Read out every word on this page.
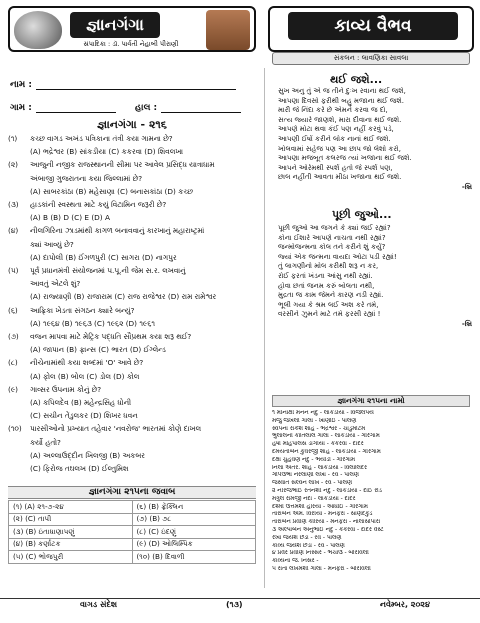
જ્ઞાનગંગા
સંપાદિકા : ડૉ. પાર્વતી નેહાબી પીરાણી
કાવ્ય વૈભવ
સંકલન : લાવણિકા સાવલા
નામ :
ગામ :	હાલ :
જ્ઞાનગંગા - ૨૧૬
(૧)	કચ્છ વાગડ અખંડ પત્રિકાના તંત્રી કયા ગામના છે?
(A) ભદ્રેશ્વર (B) સાંકડીયા (C) કકરવા (D) શિવલખા
(૨)	આજુની નજીક રાજસ્થાનની સીમા પર આવેલ પ્રસિદ્ધ યાત્રાધામ
અંબાજી ગુજરાતના કયા જિલ્લામાં છે?
(A) સાબરકાંઠા (B) મહેસાણા (C) બનાસકાંઠા (D) કચ્છ
(૩)	હાડકાંની સ્વસ્થતા માટે કયું વિટામિન જરૂરી છે?
(A) B (B) D (C) E (D) A
(૪)	નીલગિરિના ઝાડમાંથી કાગળ બનાવવાનું કારખાનું મહારાષ્ટ્રમાં
ક્યાં આવ્યું છે?
(A) દાપોલી (B) ઈંગળપુરી (C) સાગરા (D) નાગપુર
(૫)	પૂર્વ પ્રધાનમંત્રી સંયોજનમાં પ.પૂ.ની જેમ સ.ર. લખવાનું
આવતું એટલે શું?
(A) રાજ્યાણી (B) રાજારામ (C) રાજ રાજેશ્વર (D) રામ રામેશ્વર
(૬)	આફ્રિકા ખેડતા સંગઠન ક્યારે બન્યું?
(A) ૧૯૬૪ (B) ૧૯૬૩ (C) ૧૯૬૨ (D) ૧૯૬૧
(૭)	વજન માપવા માટે મેટ્રિક પદ્ધતિ સૌપ્રથમ કયા શરૂ થઈ?
(A) જાપાન (B) ફ્રાન્સ (C) ભારત (D) ઈગ્લેન્ડ
(૮)	નીચેનામાંથી કયા શબ્દમાં 'O' આવે છે?
(A) ફોલ (B) બોલ (C) ડોલ (D) કોલ
(૯)	ગાવ્સર ઉપનામ કોનું છે?
(A) કપિલદેવ (B) મહેન્દ્રસિંહ ધોની
(C) સચીન તેંડુલકર (D) શિખર ધવન
(૧૦)	પારસીઓનો પ્રખ્યાત તહેવાર 'નવરોજ' ભારતમાં કોણે દાખલ
કર્યો હતો?
(A) અલ્લાઉદ્દીન ખિલજી (B) અકબર
(C) ફિરોજ તઘલખ (D) ઈલ્તુમિશ
જ્ઞાનગંગા ૨૧૫ના જવાબ
(૧) (A) ૨૧-૭-૨૪	(૬) (B) ફ્રેંક્લિન
(૨) (C) તાપી	(૭) (B) ૭૮
(૩) (B) ઇંતાધાણાપણું	(૮) (C) ઇંદણું
(૪) (B) કર્ણાટક	(૯) (D) ઓલિમ્પિક
(૫) (C) ભોજપુરી	(૧૦) (B) દિવાળી
થઈ જશે...
સુખ અનુ તું એ જ તીને દુઃખ રવાના થઈ જશે,
આપણા દિવસો ફરીથી બહુ મજાના થઈ જશે.
મારી જે નિંદા કરે છે એમને કરવા જ દો,
સત્ય જ્યારે જાણશે, મારા દીવાના થઈ જશે.
આપણે મોટા થવા કંઈ પણ નહીં કરવું પડે,
આપણી ઈર્ષા કરીને લોક નાનાં થઈ જશે.
ખોલવામાં સહેજ પણ આ છાપ જો લેશો કરો,
આપણા મજબૂત કલરજ ત્યાં ખજાના થઈ જશે.
આપને ઓરેમથી સ્પર્શ હતો જે સ્પર્શ પણ,
છાલ નહીંતી આવતા મીઠા ખજાના થઈ જશે.
-બ્રિ
પૂછી જુઓ...
પૂછી જુઓ આ જગને કે ક્યાં જઈ રહ્યાં?
કોના ઈશારે આપણે નાચતા નથી રહ્યાં?
જન્મોજન્મના કોલ તને કરીને શું કર્યું?
જ્યાં એક જન્મના વાયદા ઓટા પડી રહ્યાં!
તું લાગણીનો મોલ કરીથી શરૂ ન કર,
રોઈ ફરતાં ખંડના આંસુ નથી રહ્યાં.
હોવા છતાં જનમ કરું બોલતા નથી,
મુદ્રતા જ કામ જેમને કારણ નડી રહ્યાં.
ભૂલી ગયા કે શ્રમ લઈ અશ કરે તમે,
વરસીને ઝુમને માટે તમે ફરસી રહ્યાં !
-બ્રિ
જ્ઞાનગંગા ૨૧૫ના નામો
૧ મીનાક્ષી મનન નંદુ - લાકડીયા - વિજેલપર્ય
મંજુ જખલી ગાલા - ખાણોઈ - પાલણ
સ્વપના રાકેશ શાહ - ભદ્રેશ્વર - ચાડુંમોટમ
ભુલાલની કાંતિલાલ ગાલા - લાકડીયા - ગોરેગામ
હર્ષા મહિપાલસ ડાંગીયા - કકરવા - દાદર
દમયંતીબેન કુંવરજી શાહ - લાકડીયા - ગોરેગામ
દક્ષા ચુહવણ નંદુ - ભયોડો - ગોરેગામ
નિલા અતર. શાહ - લાકડીયા - વિલાલિંદર
ગોપેઉંભા નેરલાણી લખા - રવ - પાલણ
જસ્વાંત સલ્વન લાખ - રવ - પાલણ
૨ નીરજભાઈ રતનશી નંદુ - લાકડીયા - દાઈ રોડ
મંત્રુલ રામજી નંદા - લાકડીયા - દાદર
દશ્મી ઉત્તમશી હરિયા - આધોઈ - ગોરેગામ
તારાબેન એમ. વિરીયા - મનફરા - સાણંદકુડ
તારાબેન પ્રવીણ કારિયા - મનફરા - નાલાસોપારા
૩ અલ્પાબેન અનુભાઈ નંદુ - કકરવા - દાદર વેસ્ટ
રેખા જયેશ છેડા - રવ - પાલણ
કાવ્ય જયેશ છેડા - રવ - પાલણ
૪ પ્રવેર પ્રવીણ નિસ્સર - ભચાઉ - બોરીવલી
કાવ્યના જે. નિસર -
૫ રાંતા લખમશી ગાલા - મનફરા - બોરીવલી
વાગડ સંદેશ	(૧૩)	નવેમ્બર, ૨૦૨૪
